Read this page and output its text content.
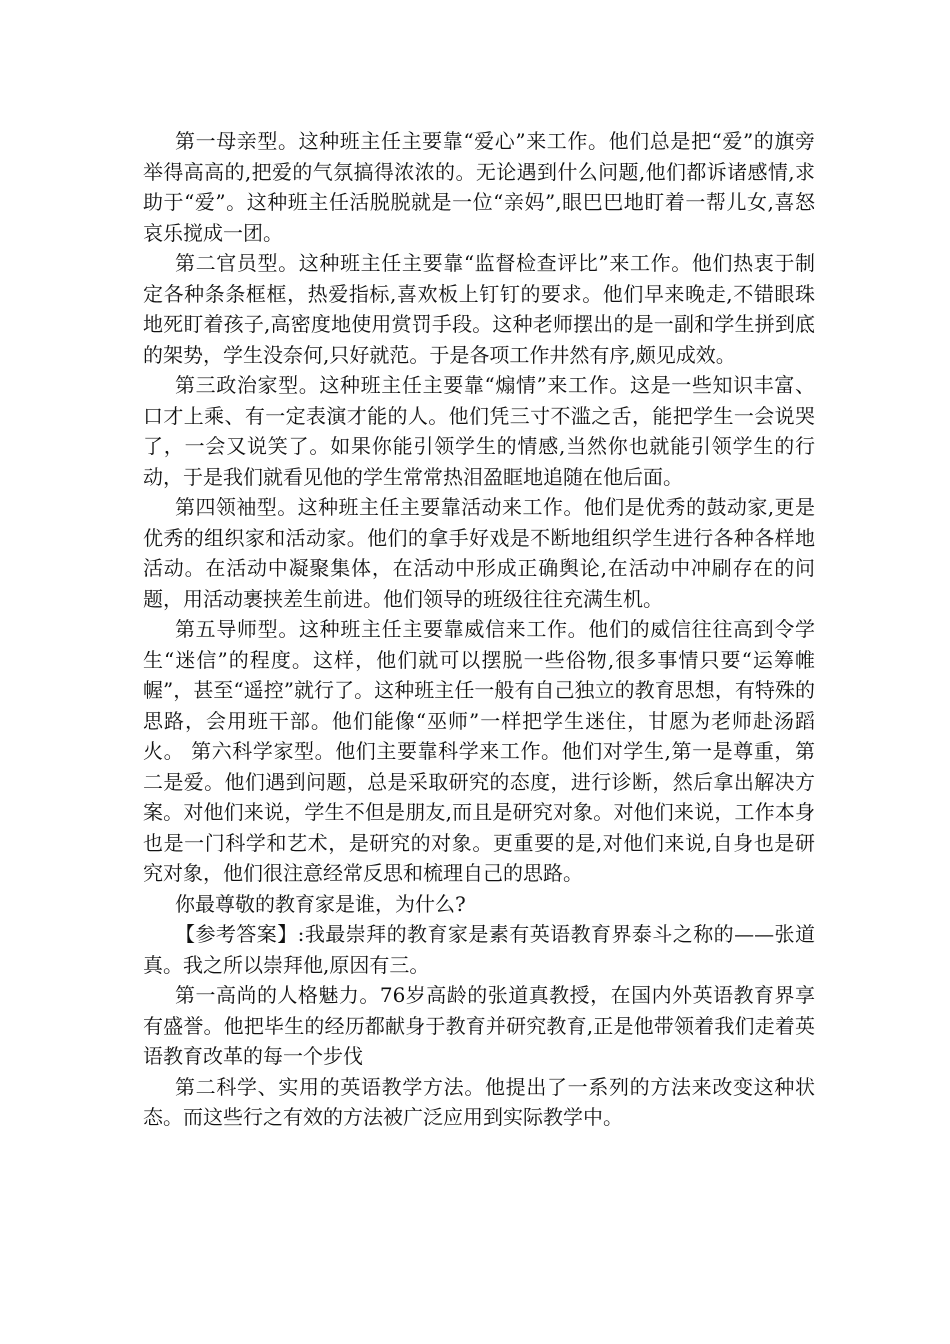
第一母亲型。这种班主任主要靠“爱心”来工作。他们总是把“爱”的旗旁举得高高的,把爱的气氛搞得浓浓的。无论遇到什么问题,他们都诉诸感情,求助于“爱”。这种班主任活脱脱就是一位“亲妈”,眼巴巴地盯着一帮儿女,喜怒哀乐搅成一团。

第二官员型。这种班主任主要靠“监督检查评比”来工作。他们热衷于制定各种条条框框，热爱指标,喜欢板上钉钉的要求。他们早来晚走,不错眼珠地死盯着孩子,高密度地使用赏罚手段。这种老师摆出的是一副和学生拼到底的架势，学生没奈何,只好就范。于是各项工作井然有序,颇见成效。

第三政治家型。这种班主任主要靠“煽情”来工作。这是一些知识丰富、口才上乘、有一定表演才能的人。他们凭三寸不滥之舌，能把学生一会说哭了，一会又说笑了。如果你能引领学生的情感,当然你也就能引领学生的行动，于是我们就看见他的学生常常热泪盈眶地追随在他后面。

第四领袖型。这种班主任主要靠活动来工作。他们是优秀的鼓动家,更是优秀的组织家和活动家。他们的拿手好戏是不断地组织学生进行各种各样地活动。在活动中凝聚集体，在活动中形成正确舆论,在活动中冲刷存在的问题，用活动裹挟差生前进。他们领导的班级往往充满生机。

第五导师型。这种班主任主要靠威信来工作。他们的威信往往高到令学生“迷信”的程度。这样，他们就可以摆脱一些俗物,很多事情只要“运筹帷幄”，甚至“遥控”就行了。这种班主任一般有自己独立的教育思想，有特殊的思路，会用班干部。他们能像“巫师”一样把学生迷住，甘愿为老师赴汤蹈火。 第六科学家型。他们主要靠科学来工作。他们对学生,第一是尊重，第二是爱。他们遇到问题，总是采取研究的态度，进行诊断，然后拿出解决方案。对他们来说，学生不但是朋友,而且是研究对象。对他们来说，工作本身也是一门科学和艺术，是研究的对象。更重要的是,对他们来说,自身也是研究对象，他们很注意经常反思和梳理自己的思路。

你最尊敬的教育家是谁，为什么?

【参考答案】:我最崇拜的教育家是素有英语教育界泰斗之称的——张道真。我之所以崇拜他,原因有三。

第一高尚的人格魅力。76岁高龄的张道真教授，在国内外英语教育界享有盛誉。他把毕生的经历都献身于教育并研究教育,正是他带领着我们走着英语教育改革的每一个步伐

第二科学、实用的英语教学方法。他提出了一系列的方法来改变这种状态。而这些行之有效的方法被广泛应用到实际教学中。
